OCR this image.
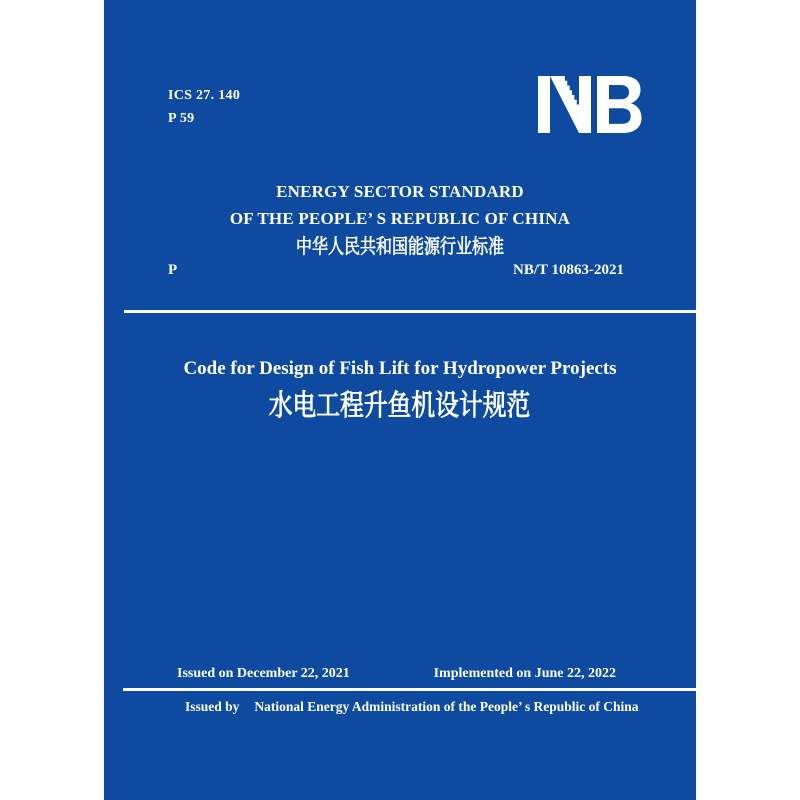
ICS 27. 140
P 59
ENERGY SECTOR STANDARD
OF THE PEOPLE’ S REPUBLIC OF CHINA
中华人民共和国能源行业标准
P	NB/T 10863-2021
Code for Design of Fish Lift for Hydropower Projects
水电工程升鱼机设计规范
Issued on December 22, 2021	Implemented on June 22, 2022
Issued by National Energy Administration of the People’ s Republic of China
